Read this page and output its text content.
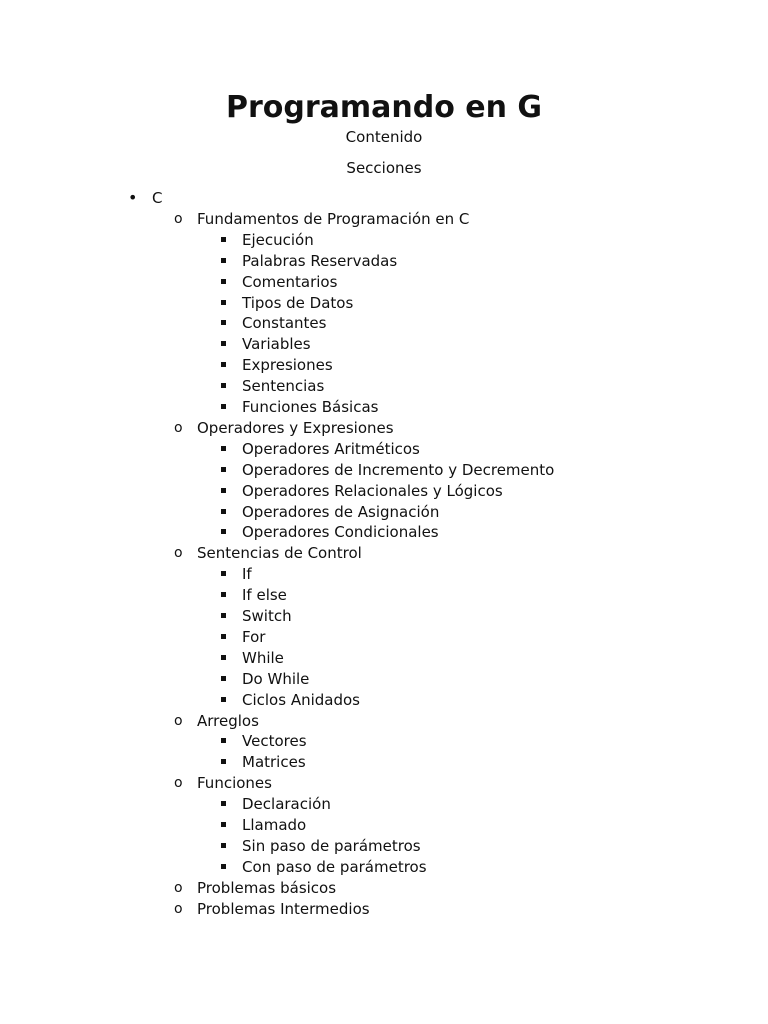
Programando en G
Contenido
Secciones
• C
o Fundamentos de Programación en C
Ejecución
Palabras Reservadas
Comentarios
Tipos de Datos
Constantes
Variables
Expresiones
Sentencias
Funciones Básicas
o Operadores y Expresiones
Operadores Aritméticos
Operadores de Incremento y Decremento
Operadores Relacionales y Lógicos
Operadores de Asignación
Operadores Condicionales
o Sentencias de Control
If
If else
Switch
For
While
Do While
Ciclos Anidados
o Arreglos
Vectores
Matrices
o Funciones
Declaración
Llamado
Sin paso de parámetros
Con paso de parámetros
o Problemas básicos
o Problemas Intermedios
